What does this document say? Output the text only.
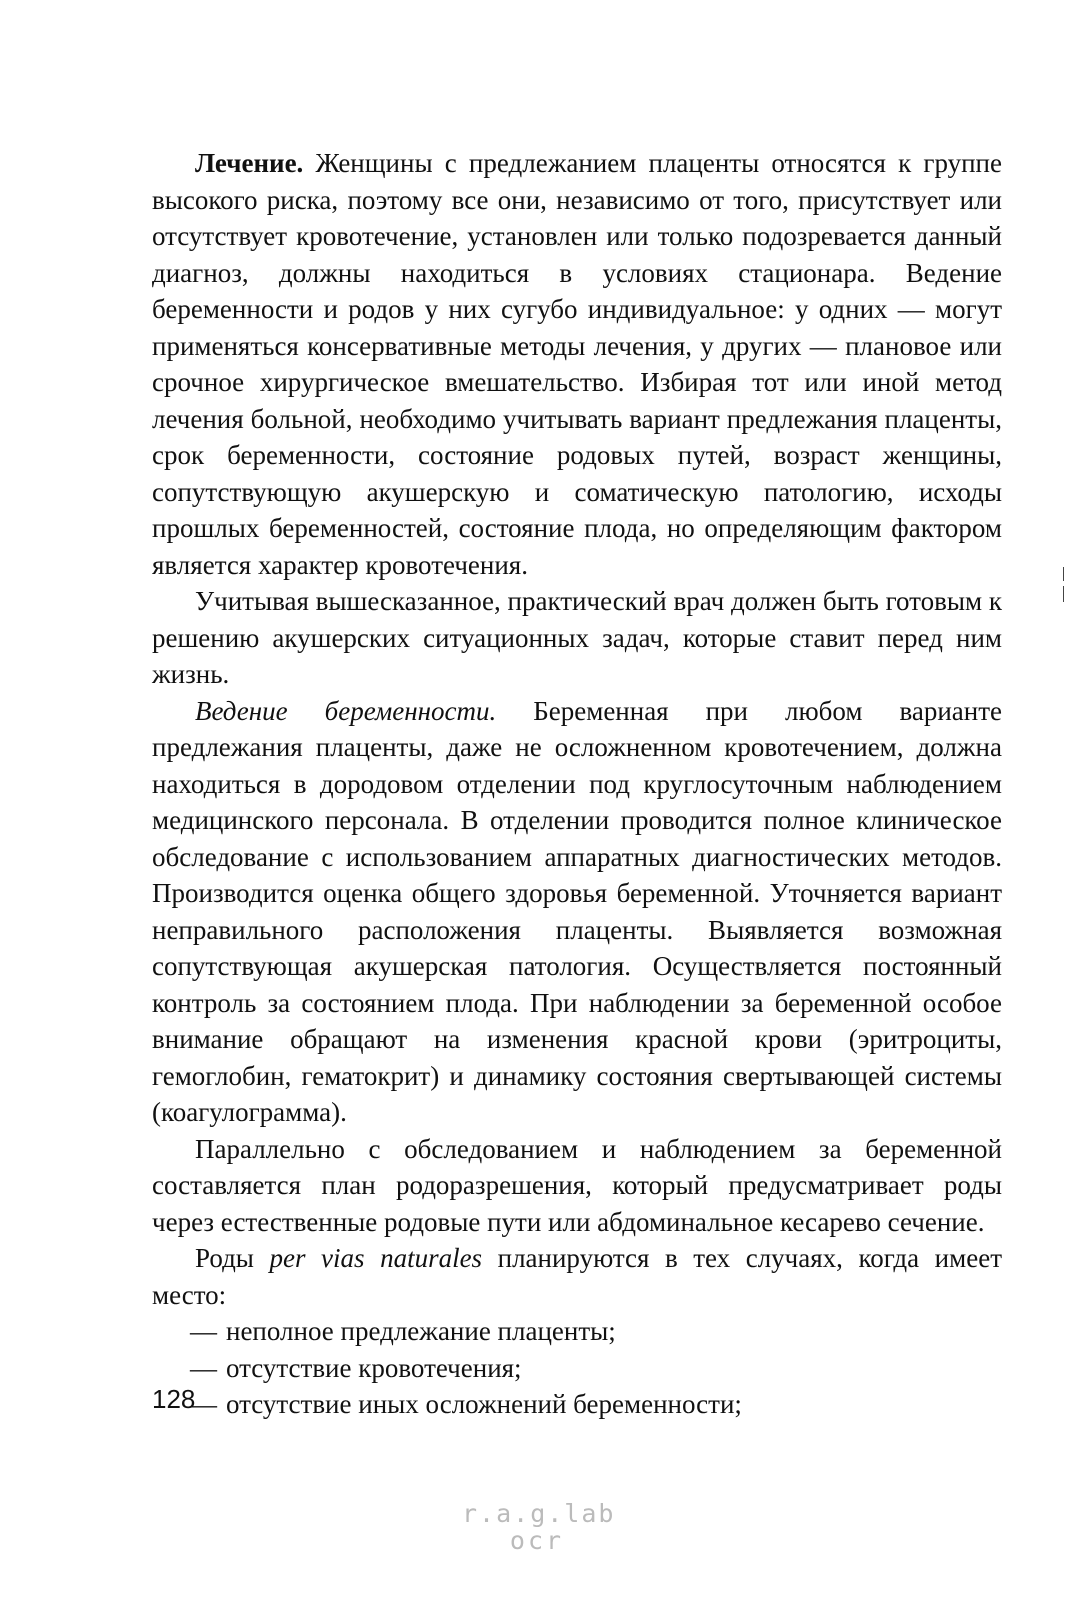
Лечение. Женщины с предлежанием плаценты относятся к группе высокого риска, поэтому все они, независимо от того, присутствует или отсутствует кровотечение, установлен или только подозревается данный диагноз, должны находиться в условиях стационара. Ведение беременности и родов у них сугубо индивидуальное: у одних — могут применяться консервативные методы лечения, у других — плановое или срочное хирургическое вмешательство. Избирая тот или иной метод лечения больной, необходимо учитывать вариант предлежания плаценты, срок беременности, состояние родовых путей, возраст женщины, сопутствующую акушерскую и соматическую патологию, исходы прошлых беременностей, состояние плода, но определяющим фактором является характер кровотечения.

Учитывая вышесказанное, практический врач должен быть готовым к решению акушерских ситуационных задач, которые ставит перед ним жизнь.

Ведение беременности. Беременная при любом варианте предлежания плаценты, даже не осложненном кровотечением, должна находиться в дородовом отделении под круглосуточным наблюдением медицинского персонала. В отделении проводится полное клиническое обследование с использованием аппаратных диагностических методов. Производится оценка общего здоровья беременной. Уточняется вариант неправильного расположения плаценты. Выявляется возможная сопутствующая акушерская патология. Осуществляется постоянный контроль за состоянием плода. При наблюдении за беременной особое внимание обращают на изменения красной крови (эритроциты, гемоглобин, гематокрит) и динамику состояния свертывающей системы (коагулограмма).

Параллельно с обследованием и наблюдением за беременной составляется план родоразрешения, который предусматривает роды через естественные родовые пути или абдоминальное кесарево сечение.

Роды per vias naturales планируются в тех случаях, когда имеет место:

— неполное предлежание плаценты;

— отсутствие кровотечения;

— отсутствие иных осложнений беременности;

128
r.a.g.lab
ocr
